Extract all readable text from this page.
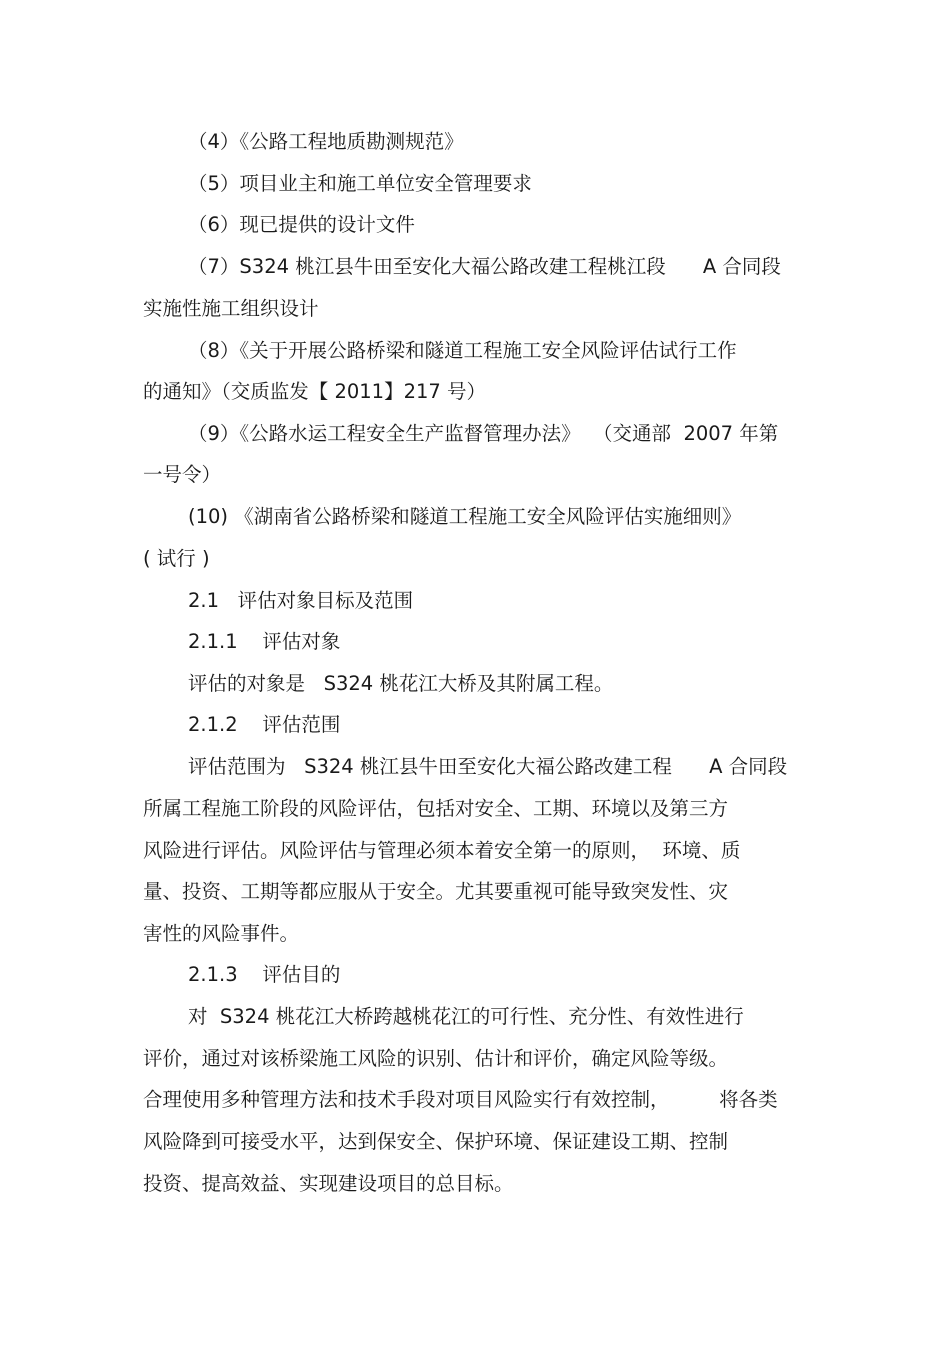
（4）《公路工程地质勘测规范》

（5）项目业主和施工单位安全管理要求

（6）现已提供的设计文件

（7）S324 桃江县牛田至安化大福公路改建工程桃江段      A 合同段

实施性施工组织设计

（8）《关于开展公路桥梁和隧道工程施工安全风险评估试行工作

的通知》（交质监发【 2011】217 号）

（9）《公路水运工程安全生产监督管理办法》  （交通部  2007 年第

一号令）

(10) 《湖南省公路桥梁和隧道工程施工安全风险评估实施细则》

( 试行 )

2.1   评估对象目标及范围

2.1.1    评估对象

评估的对象是   S324 桃花江大桥及其附属工程。

2.1.2    评估范围

评估范围为   S324 桃江县牛田至安化大福公路改建工程      A 合同段

所属工程施工阶段的风险评估，包括对安全、工期、环境以及第三方

风险进行评估。风险评估与管理必须本着安全第一的原则，  环境、质

量、投资、工期等都应服从于安全。尤其要重视可能导致突发性、灾

害性的风险事件。

2.1.3    评估目的

对  S324 桃花江大桥跨越桃花江的可行性、充分性、有效性进行

评价，通过对该桥梁施工风险的识别、估计和评价，确定风险等级。

合理使用多种管理方法和技术手段对项目风险实行有效控制，        将各类

风险降到可接受水平，达到保安全、保护环境、保证建设工期、控制

投资、提高效益、实现建设项目的总目标。
